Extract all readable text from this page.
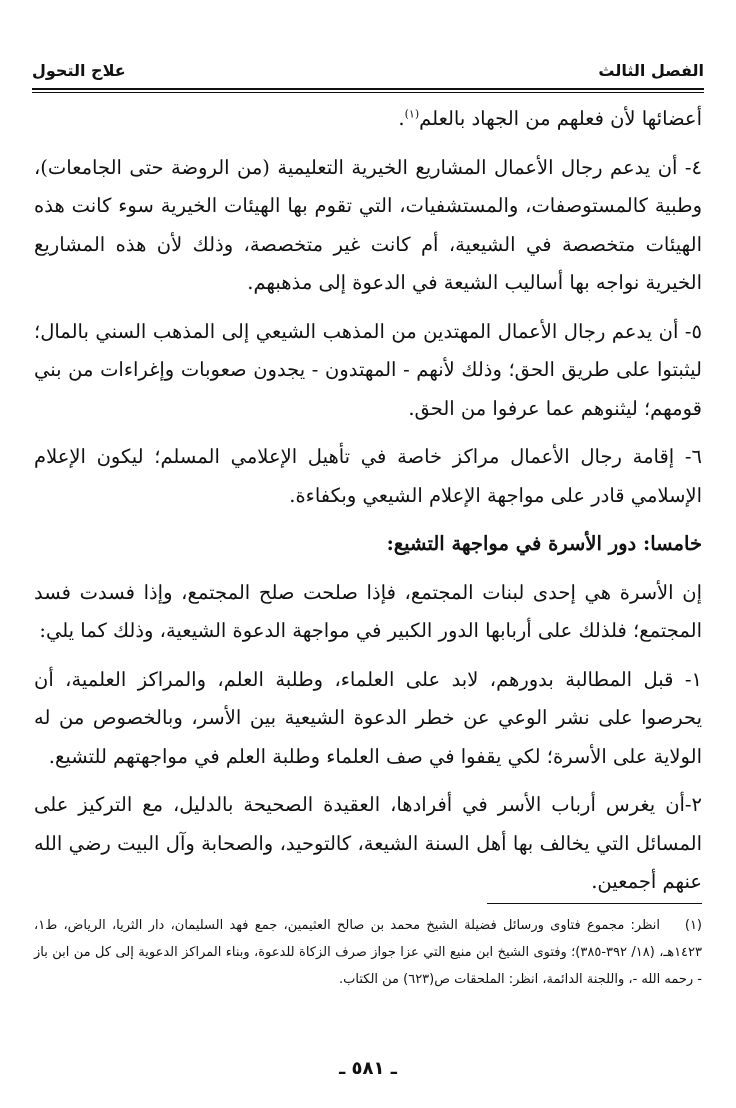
الفصل الثالث
علاج التحول

أعضائها لأن فعلهم من الجهاد بالعلم$^{(١)}$.

٤- أن يدعم رجال الأعمال المشاريع الخيرية التعليمية (من الروضة حتى الجامعات)، وطبية كالمستوصفات، والمستشفيات، التي تقوم بها الهيئات الخيرية سوء كانت هذه الهيئات متخصصة في الشيعية، أم كانت غير متخصصة، وذلك لأن هذه المشاريع الخيرية نواجه بها أساليب الشيعة في الدعوة إلى مذهبهم.

٥- أن يدعم رجال الأعمال المهتدين من المذهب الشيعي إلى المذهب السني بالمال؛ ليثبتوا على طريق الحق؛ وذلك لأنهم - المهتدون - يجدون صعوبات وإغراءات من بني قومهم؛ ليثنوهم عما عرفوا من الحق.

٦- إقامة رجال الأعمال مراكز خاصة في تأهيل الإعلامي المسلم؛ ليكون الإعلام الإسلامي قادر على مواجهة الإعلام الشيعي وبكفاءة.

خامسا: دور الأسرة في مواجهة التشيع:

إن الأسرة هي إحدى لبنات المجتمع، فإذا صلحت صلح المجتمع، وإذا فسدت فسد المجتمع؛ فلذلك على أربابها الدور الكبير في مواجهة الدعوة الشيعية، وذلك كما يلي:

١- قبل المطالبة بدورهم، لابد على العلماء، وطلبة العلم، والمراكز العلمية، أن يحرصوا على نشر الوعي عن خطر الدعوة الشيعية بين الأسر، وبالخصوص من له الولاية على الأسرة؛ لكي يقفوا في صف العلماء وطلبة العلم في مواجهتهم للتشيع.

٢-أن يغرس أرباب الأسر في أفرادها، العقيدة الصحيحة بالدليل، مع التركيز على المسائل التي يخالف بها أهل السنة الشيعة، كالتوحيد، والصحابة وآل البيت رضي الله عنهم أجمعين.

(١)انظر: مجموع فتاوى ورسائل فضيلة الشيخ محمد بن صالح العثيمين، جمع فهد السليمان، دار الثريا، الرياض، ط١، ١٤٢٣هـ، (١٨/ ٣٩٢-٣٨٥)؛ وفتوى الشيخ ابن منيع التي عزا جواز صرف الزكاة للدعوة، وبناء المراكز الدعوية إلى كل من ابن باز - رحمه الله -، واللجنة الدائمة، انظر: الملحقات ص(٦٢٣) من الكتاب.

ـ ٥٨١ ـ
